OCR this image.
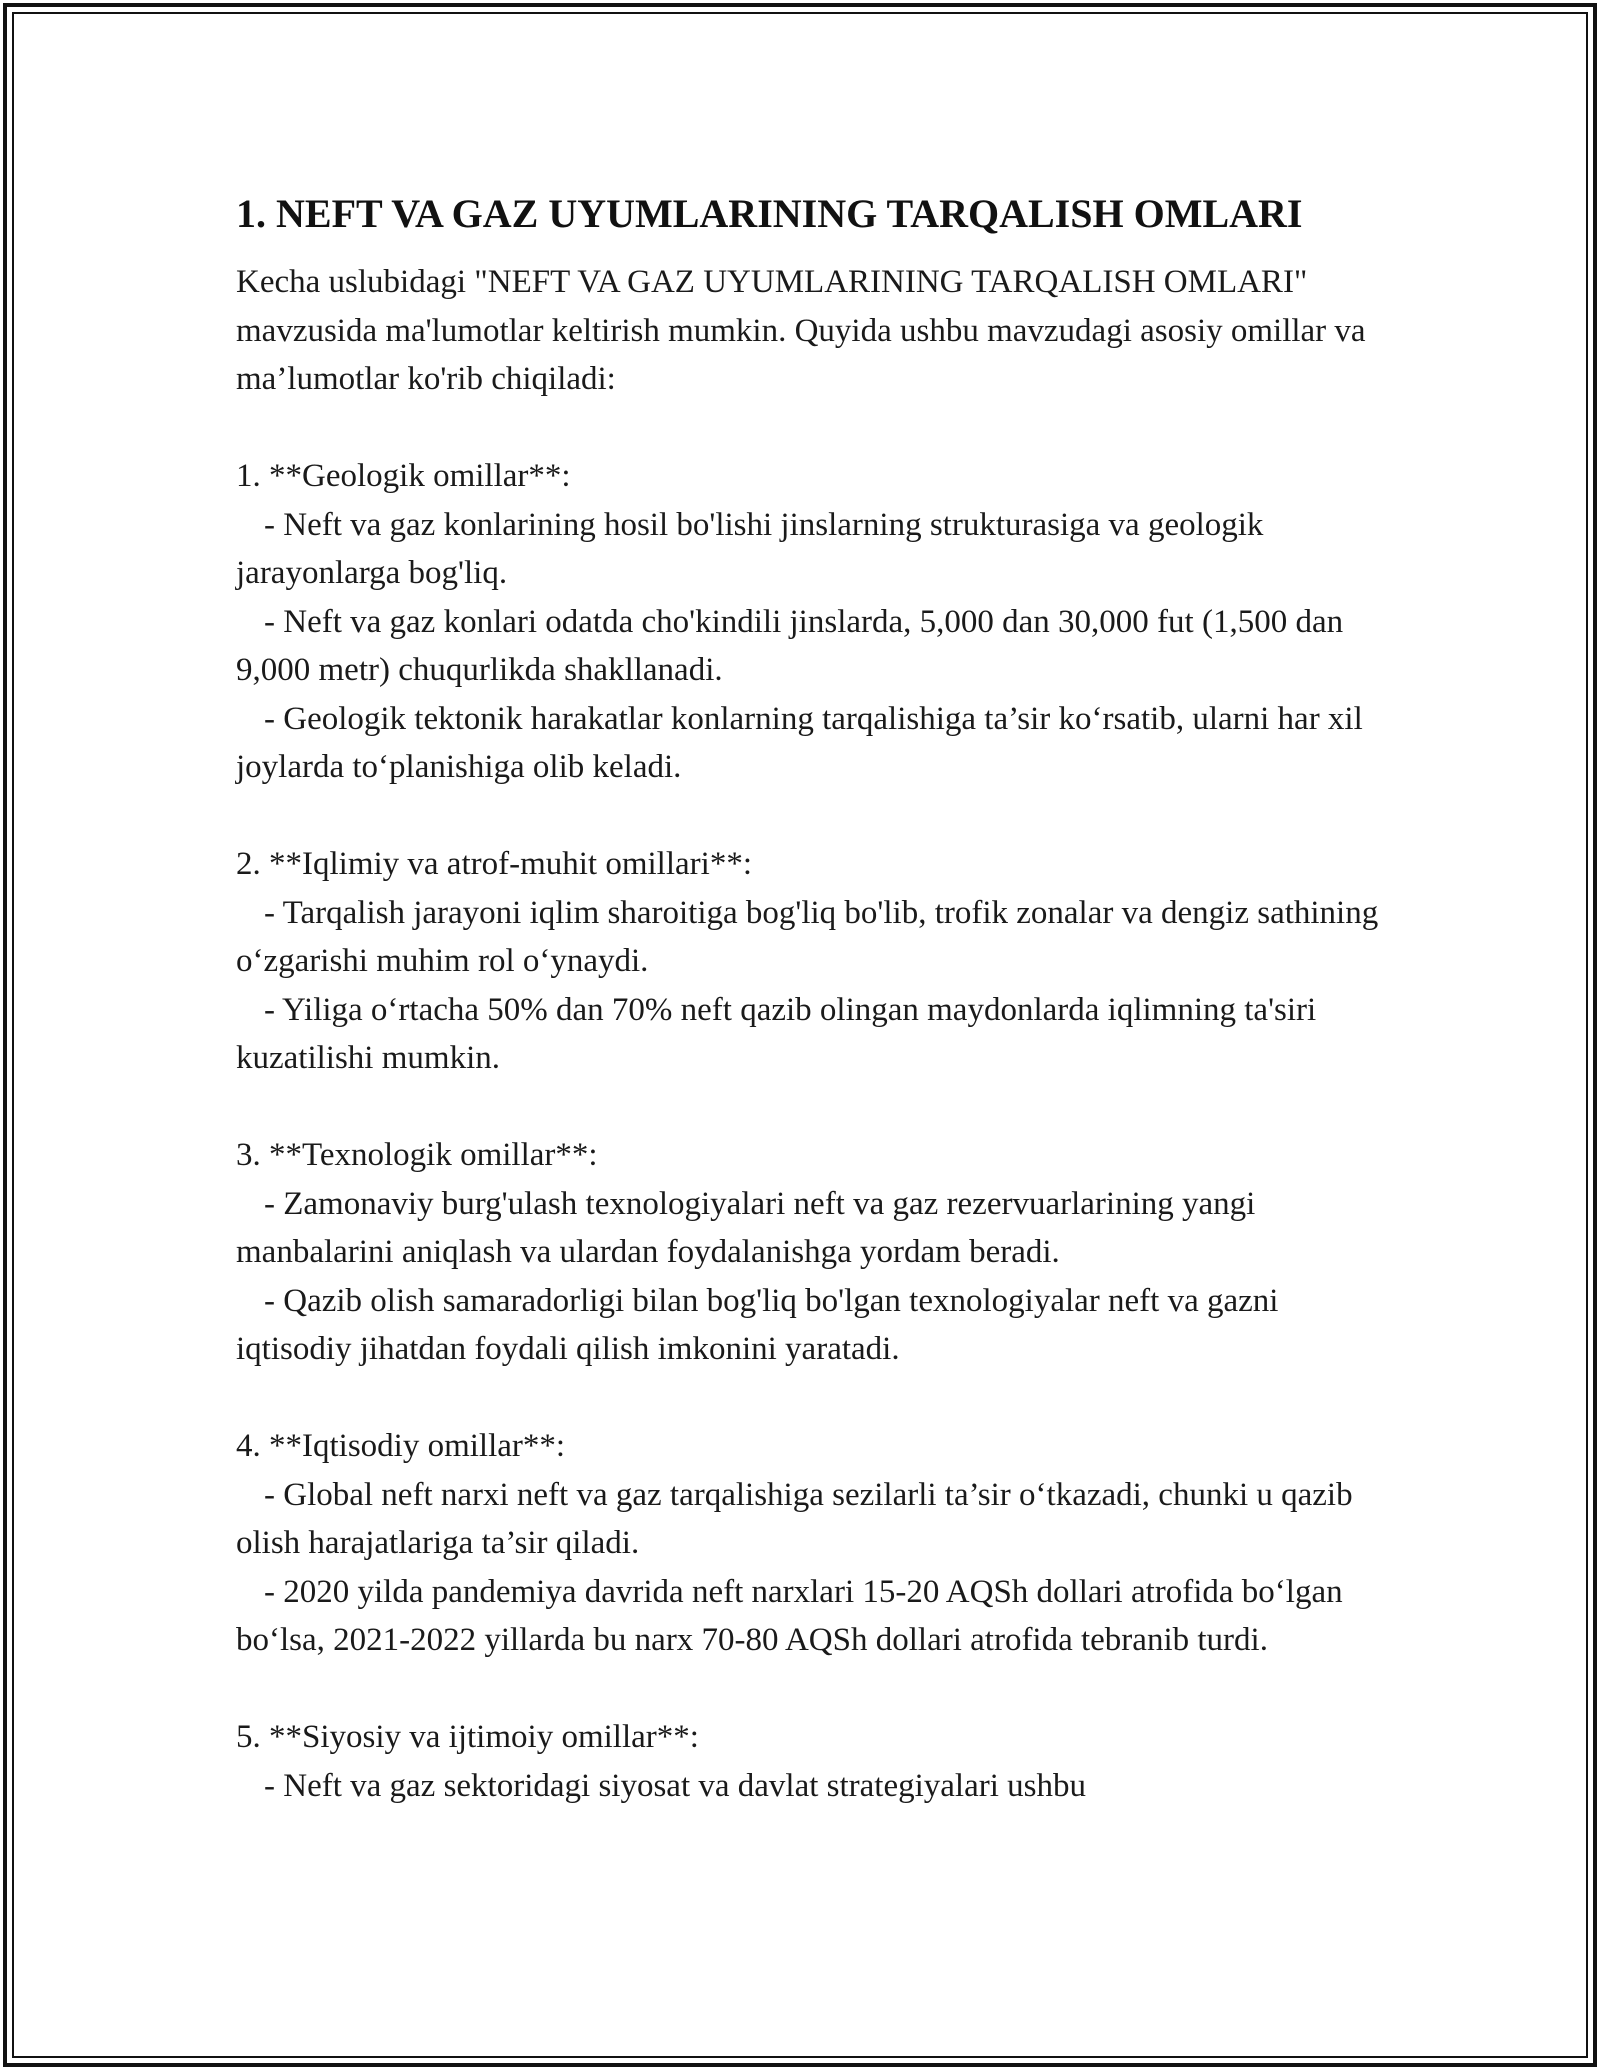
1. NEFT VA GAZ UYUMLARINING TARQALISH OMLARI

Kecha uslubidagi "NEFT VA GAZ UYUMLARINING TARQALISH OMLARI" mavzusida ma'lumotlar keltirish mumkin. Quyida ushbu mavzudagi asosiy omillar va ma’lumotlar ko'rib chiqiladi:

1. **Geologik omillar**:

- Neft va gaz konlarining hosil bo'lishi jinslarning strukturasiga va geologik jarayonlarga bog'liq.

- Neft va gaz konlari odatda cho'kindili jinslarda, 5,000 dan 30,000 fut (1,500 dan 9,000 metr) chuqurlikda shakllanadi.

- Geologik tektonik harakatlar konlarning tarqalishiga ta’sir ko‘rsatib, ularni har xil joylarda to‘planishiga olib keladi.

2. **Iqlimiy va atrof-muhit omillari**:

- Tarqalish jarayoni iqlim sharoitiga bog'liq bo'lib, trofik zonalar va dengiz sathining o‘zgarishi muhim rol o‘ynaydi.

- Yiliga o‘rtacha 50% dan 70% neft qazib olingan maydonlarda iqlimning ta'siri kuzatilishi mumkin.

3. **Texnologik omillar**:

- Zamonaviy burg'ulash texnologiyalari neft va gaz rezervuarlarining yangi manbalarini aniqlash va ulardan foydalanishga yordam beradi.

- Qazib olish samaradorligi bilan bog'liq bo'lgan texnologiyalar neft va gazni iqtisodiy jihatdan foydali qilish imkonini yaratadi.

4. **Iqtisodiy omillar**:

- Global neft narxi neft va gaz tarqalishiga sezilarli ta’sir o‘tkazadi, chunki u qazib olish harajatlariga ta’sir qiladi.

- 2020 yilda pandemiya davrida neft narxlari 15-20 AQSh dollari atrofida bo‘lgan bo‘lsa, 2021-2022 yillarda bu narx 70-80 AQSh dollari atrofida tebranib turdi.

5. **Siyosiy va ijtimoiy omillar**:

- Neft va gaz sektoridagi siyosat va davlat strategiyalari ushbu
